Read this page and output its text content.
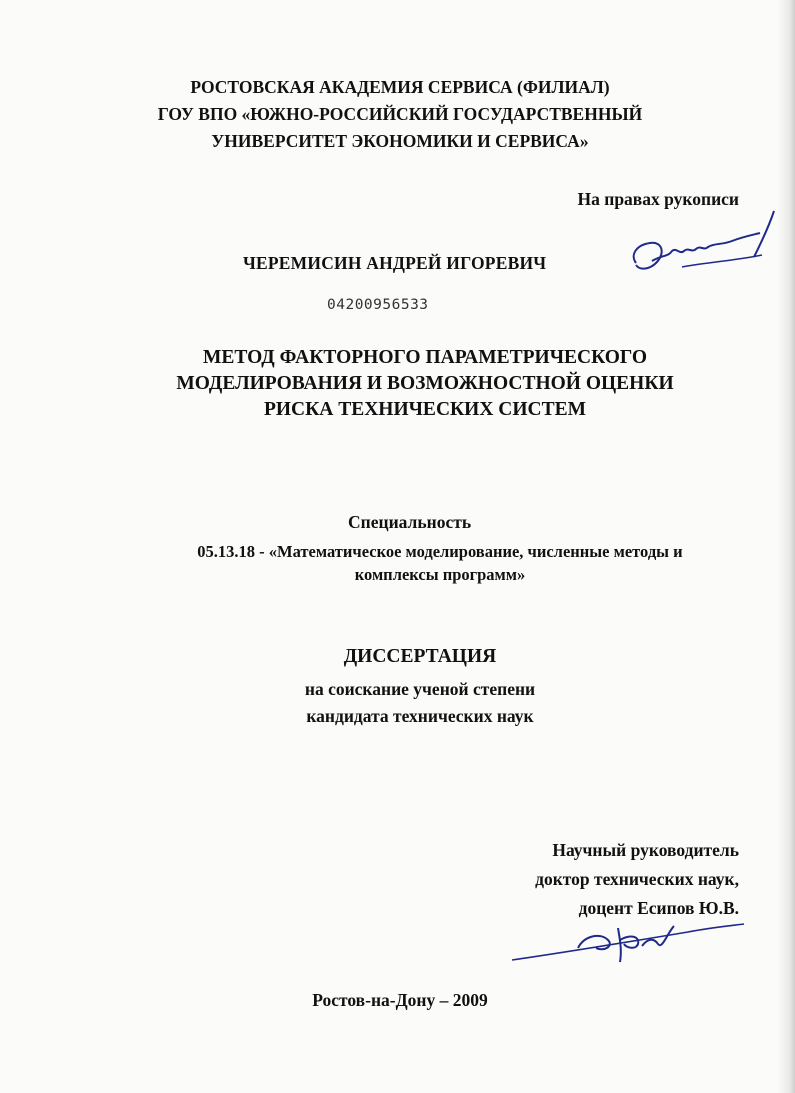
РОСТОВСКАЯ АКАДЕМИЯ СЕРВИСА (ФИЛИАЛ)
ГОУ ВПО «ЮЖНО-РОССИЙСКИЙ ГОСУДАРСТВЕННЫЙ
УНИВЕРСИТЕТ ЭКОНОМИКИ И СЕРВИСА»
На правах рукописи
ЧЕРЕМИСИН АНДРЕЙ ИГОРЕВИЧ
04200956533
МЕТОД ФАКТОРНОГО ПАРАМЕТРИЧЕСКОГО
МОДЕЛИРОВАНИЯ И ВОЗМОЖНОСТНОЙ ОЦЕНКИ
РИСКА ТЕХНИЧЕСКИХ СИСТЕМ
Специальность
05.13.18 - «Математическое моделирование, численные методы и
комплексы программ»
ДИССЕРТАЦИЯ
на соискание ученой степени
кандидата технических наук
Научный руководитель
доктор технических наук,
доцент Есипов Ю.В.
Ростов-на-Дону – 2009
